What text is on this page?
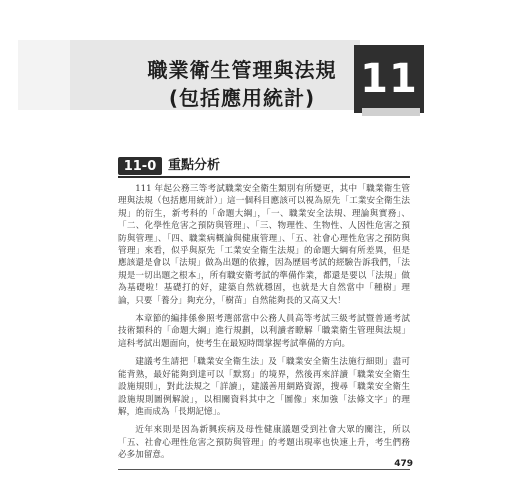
職業衛生管理與法規
(包括應用統計)	11
11-0 重點分析

111 年起公務三等考試職業安全衛生類別有所變更，其中「職業衛生管理與法規（包括應用統計）」這一個科目應該可以視為原先「工業安全衛生法規」的衍生，新考科的「命題大綱」，「一、職業安全法規、理論與實務」、「二、化學性危害之預防與管理」、「三、物理性、生物性、人因性危害之預防與管理」、「四、職業病概論與健康管理」、「五、社會心理性危害之預防與管理」來看，似乎與原先「工業安全衛生法規」的命題大綱有所差異，但是應該還是會以「法規」做為出題的依據，因為歷屆考試的經驗告訴我們，「法規是一切出題之根本」，所有職安衛考試的準備作業，都還是要以「法規」做為基礎啦！基礎打的好，建築自然就穩固，也就是大自然當中「種樹」理論，只要「養分」夠充分，「樹苗」自然能夠長的又高又大！

本章節的編排係參照考選部當中公務人員高等考試三級考試暨普通考試技術類科的「命題大綱」進行規劃，以利讀者瞭解「職業衛生管理與法規」這科考試出題面向，使考生在最短時間掌握考試準備的方向。

建議考生請把「職業安全衛生法」及「職業安全衛生法施行細則」盡可能背熟，最好能夠到達可以「默寫」的境界，然後再來詳讀「職業安全衛生設施規則」，對此法規之「詳讀」，建議善用網路資源，搜尋「職業安全衛生設施規則圖例解說」，以相關資料其中之「圖像」來加強「法條文字」的理解，進而成為「長期記憶」。

近年來則是因為新興疾病及母性健康議題受到社會大眾的關注，所以「五、社會心理性危害之預防與管理」的考題出現率也快速上升，考生們務必多加留意。

479
